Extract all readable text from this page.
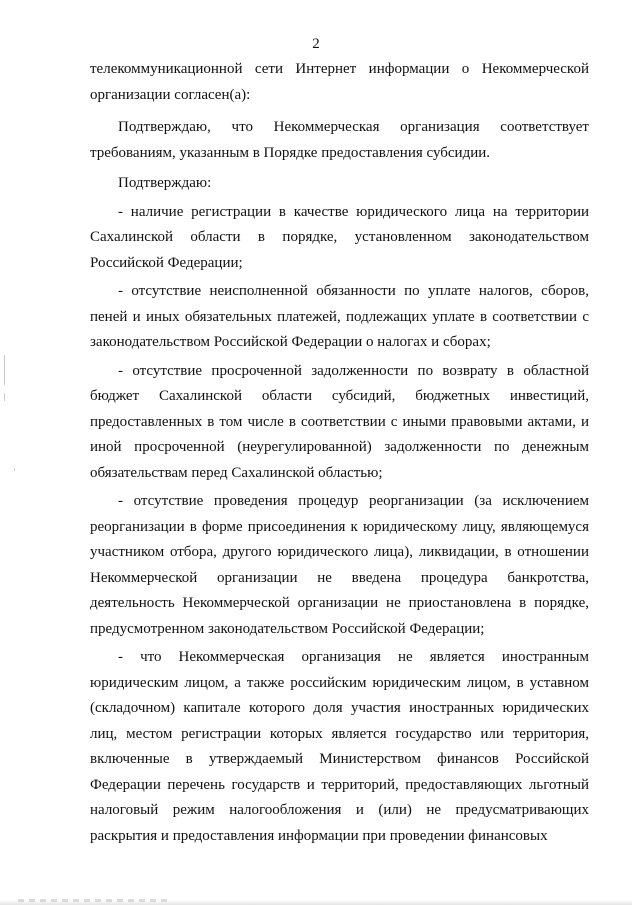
2

телекоммуникационной сети Интернет информации о Некоммерческой организации согласен(а):

Подтверждаю, что Некоммерческая организация соответствует требованиям, указанным в Порядке предоставления субсидии.

Подтверждаю:

- наличие регистрации в качестве юридического лица на территории Сахалинской области в порядке, установленном законодательством Российской Федерации;

- отсутствие неисполненной обязанности по уплате налогов, сборов, пеней и иных обязательных платежей, подлежащих уплате в соответствии с законодательством Российской Федерации о налогах и сборах;

- отсутствие просроченной задолженности по возврату в областной бюджет Сахалинской области субсидий, бюджетных инвестиций, предоставленных в том числе в соответствии с иными правовыми актами, и иной просроченной (неурегулированной) задолженности по денежным обязательствам перед Сахалинской областью;

- отсутствие проведения процедур реорганизации (за исключением реорганизации в форме присоединения к юридическому лицу, являющемуся участником отбора, другого юридического лица), ликвидации, в отношении Некоммерческой организации не введена процедура банкротства, деятельность Некоммерческой организации не приостановлена в порядке, предусмотренном законодательством Российской Федерации;

- что Некоммерческая организация не является иностранным юридическим лицом, а также российским юридическим лицом, в уставном (складочном) капитале которого доля участия иностранных юридических лиц, местом регистрации которых является государство или территория, включенные в утверждаемый Министерством финансов Российской Федерации перечень государств и территорий, предоставляющих льготный налоговый режим налогообложения и (или) не предусматривающих раскрытия и предоставления информации при проведении финансовых
